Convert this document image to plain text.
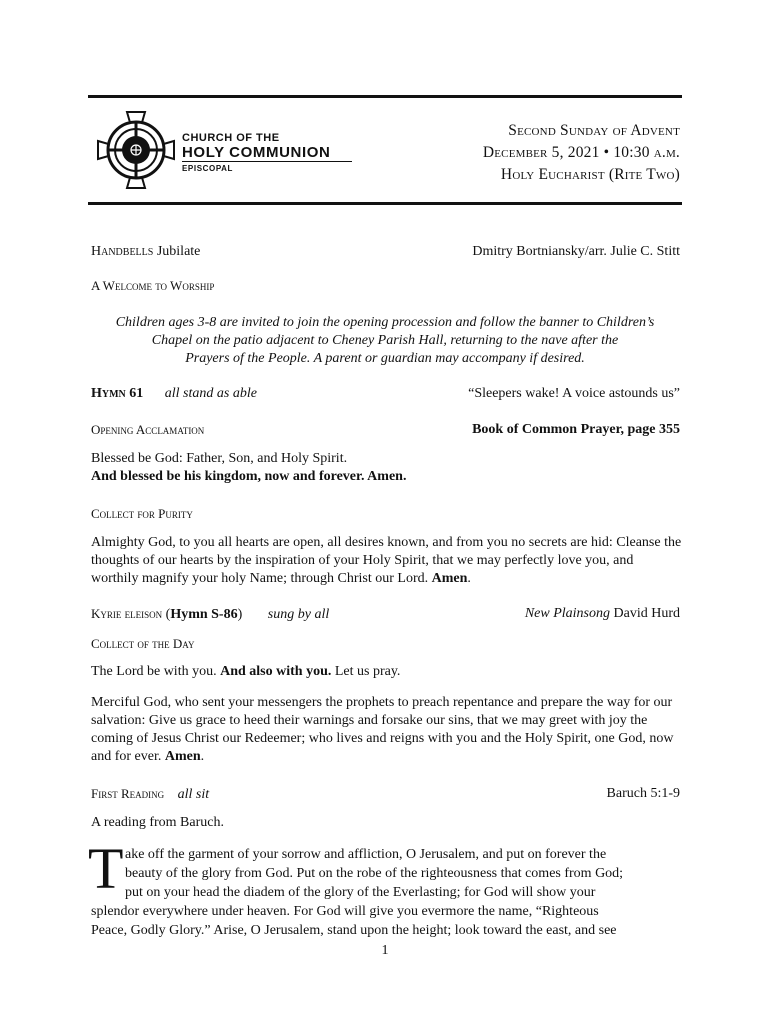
CHURCH OF THE
HOLY COMMUNION
EPISCOPAL
Second Sunday of Advent
December 5, 2021 • 10:30 a.m.
Holy Eucharist (Rite Two)
Handbells Jubilate	Dmitry Bortniansky/arr. Julie C. Stitt
A Welcome to Worship
Children ages 3-8 are invited to join the opening procession and follow the banner to Children’s
Chapel on the patio adjacent to Cheney Parish Hall, returning to the nave after the
Prayers of the People. A parent or guardian may accompany if desired.
Hymn 61 all stand as able	“Sleepers wake! A voice astounds us”
Opening Acclamation	Book of Common Prayer, page 355
Blessed be God: Father, Son, and Holy Spirit.
And blessed be his kingdom, now and forever. Amen.
Collect for Purity
Almighty God, to you all hearts are open, all desires known, and from you no secrets are hid: Cleanse the thoughts of our hearts by the inspiration of your Holy Spirit, that we may perfectly love you, and worthily magnify your holy Name; through Christ our Lord. Amen.
Kyrie eleison (Hymn S-86) sung by all	New Plainsong David Hurd
Collect of the Day
The Lord be with you. And also with you. Let us pray.
Merciful God, who sent your messengers the prophets to preach repentance and prepare the way for our salvation: Give us grace to heed their warnings and forsake our sins, that we may greet with joy the coming of Jesus Christ our Redeemer; who lives and reigns with you and the Holy Spirit, one God, now and for ever. Amen.
First Reading all sit	Baruch 5:1-9
A reading from Baruch.
T ake off the garment of your sorrow and affliction, O Jerusalem, and put on forever the
beauty of the glory from God. Put on the robe of the righteousness that comes from God;
put on your head the diadem of the glory of the Everlasting; for God will show your
splendor everywhere under heaven. For God will give you evermore the name, “Righteous
Peace, Godly Glory.” Arise, O Jerusalem, stand upon the height; look toward the east, and see
1
